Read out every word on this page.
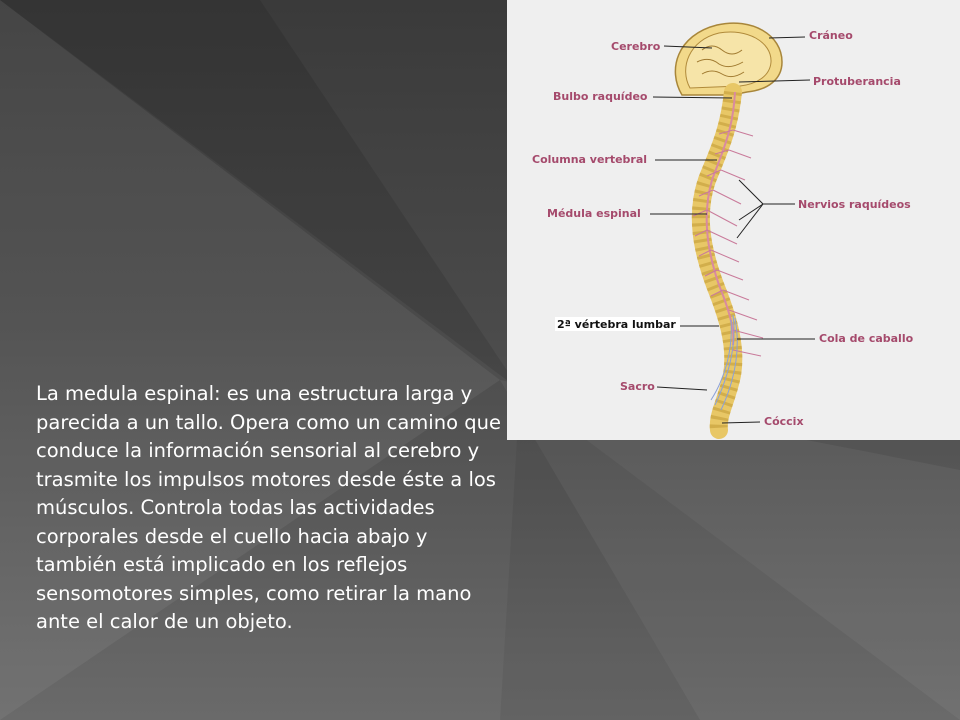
Cerebro
Cráneo
Protuberancia
Bulbo raquídeo
Columna vertebral
Médula espinal
Nervios raquídeos
2ª vértebra lumbar
Cola de caballo
Sacro
Cóccix

La medula espinal: es una estructura larga y parecida a un tallo. Opera como un camino que conduce la información sensorial al cerebro y trasmite los impulsos motores desde éste a los músculos. Controla todas las actividades corporales desde el cuello hacia abajo y también está implicado en los reflejos sensomotores simples, como retirar la mano ante el calor de un objeto.
